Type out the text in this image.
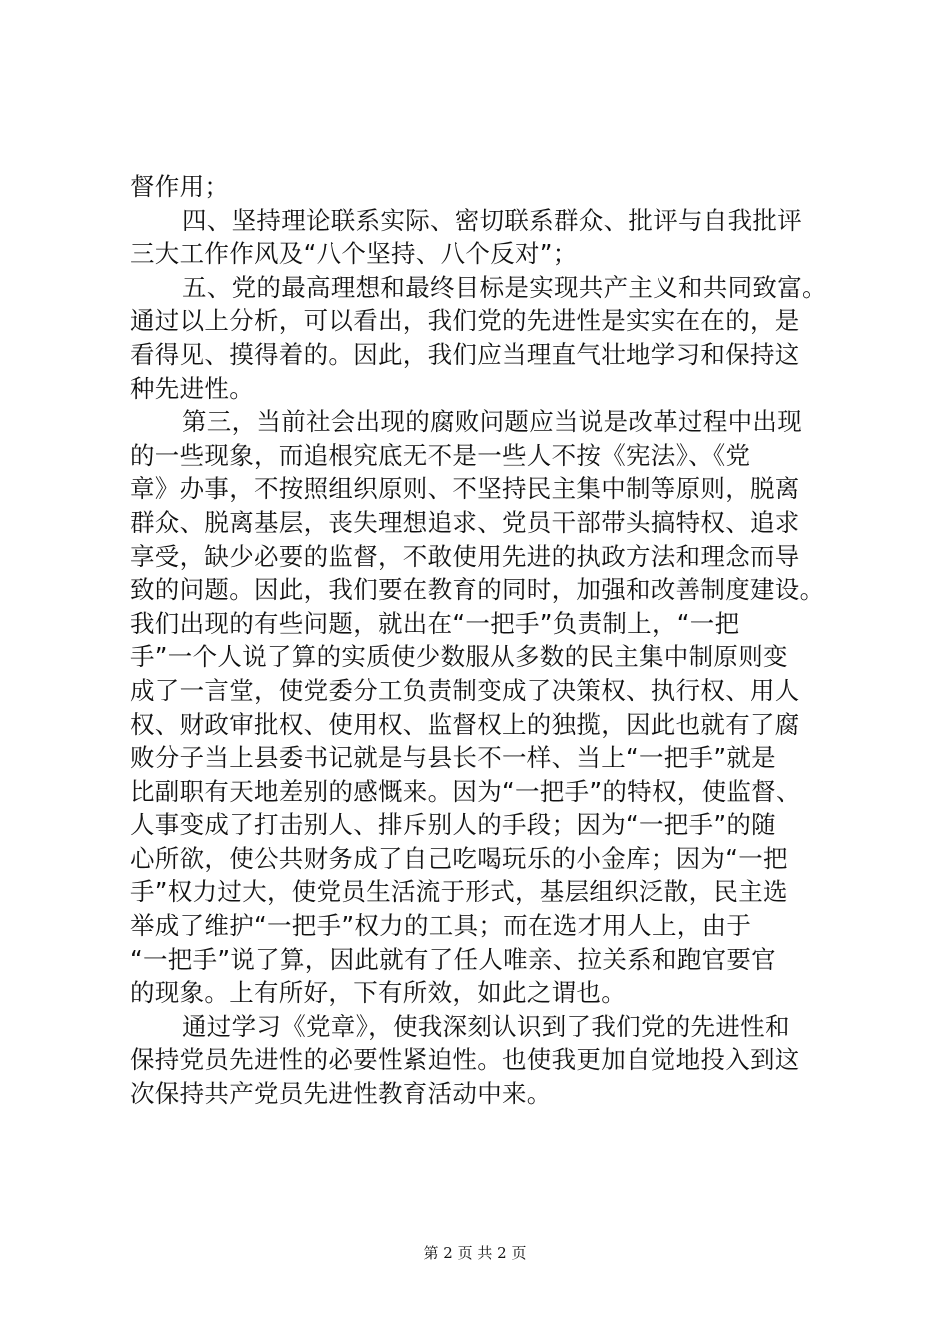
督作用；
四、坚持理论联系实际、密切联系群众、批评与自我批评
三大工作作风及“八个坚持、八个反对”；
五、党的最高理想和最终目标是实现共产主义和共同致富。
通过以上分析，可以看出，我们党的先进性是实实在在的，是
看得见、摸得着的。因此，我们应当理直气壮地学习和保持这
种先进性。
第三，当前社会出现的腐败问题应当说是改革过程中出现
的一些现象，而追根究底无不是一些人不按《宪法》、《党
章》办事，不按照组织原则、不坚持民主集中制等原则，脱离
群众、脱离基层，丧失理想追求、党员干部带头搞特权、追求
享受，缺少必要的监督，不敢使用先进的执政方法和理念而导
致的问题。因此，我们要在教育的同时，加强和改善制度建设。
我们出现的有些问题，就出在“一把手”负责制上，“一把
手”一个人说了算的实质使少数服从多数的民主集中制原则变
成了一言堂，使党委分工负责制变成了决策权、执行权、用人
权、财政审批权、使用权、监督权上的独揽，因此也就有了腐
败分子当上县委书记就是与县长不一样、当上“一把手”就是
比副职有天地差别的感慨来。因为“一把手”的特权，使监督、
人事变成了打击别人、排斥别人的手段；因为“一把手”的随
心所欲，使公共财务成了自己吃喝玩乐的小金库；因为“一把
手”权力过大，使党员生活流于形式，基层组织泛散，民主选
举成了维护“一把手”权力的工具；而在选才用人上，由于
“一把手”说了算，因此就有了任人唯亲、拉关系和跑官要官
的现象。上有所好，下有所效，如此之谓也。
通过学习《党章》，使我深刻认识到了我们党的先进性和
保持党员先进性的必要性紧迫性。也使我更加自觉地投入到这
次保持共产党员先进性教育活动中来。
第 2 页 共 2 页
